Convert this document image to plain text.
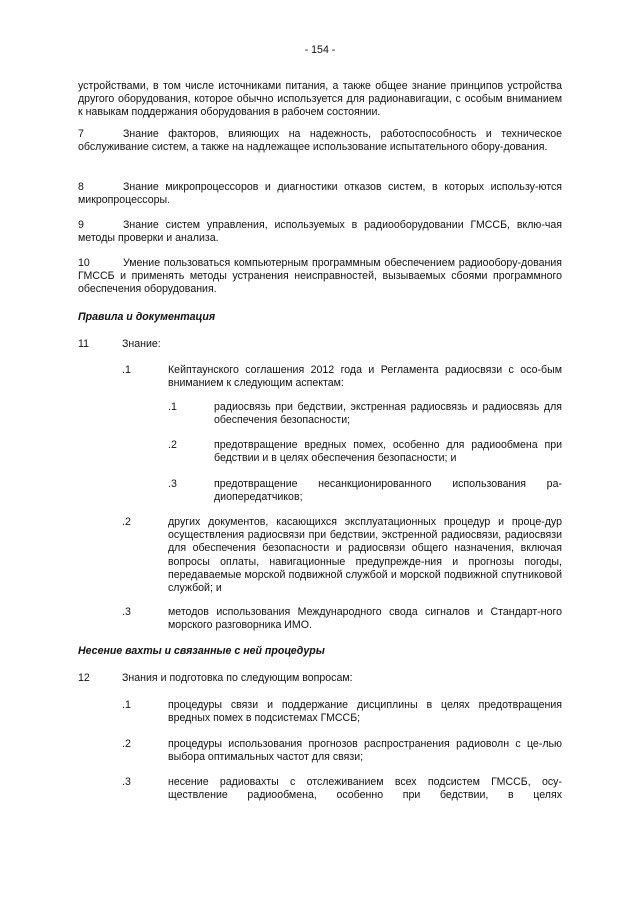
- 154 -
устройствами, в том числе источниками питания, а также общее знание принципов устройства другого оборудования, которое обычно используется для радионавигации, с особым вниманием к навыкам поддержания оборудования в рабочем состоянии.
7	Знание факторов, влияющих на надежность, работоспособность и техническое обслуживание систем, а также на надлежащее использование испытательного обору-дования.
8	Знание микропроцессоров и диагностики отказов систем, в которых использу-ются микропроцессоры.
9	Знание систем управления, используемых в радиооборудовании ГМССБ, вклю-чая методы проверки и анализа.
10	Умение пользоваться компьютерным программным обеспечением радиообору-дования ГМССБ и применять методы устранения неисправностей, вызываемых сбоями программного обеспечения оборудования.
Правила и документация
11	Знание:
.1	Кейптаунского соглашения 2012 года и Регламента радиосвязи с осо-бым вниманием к следующим аспектам:
.1	радиосвязь при бедствии, экстренная радиосвязь и радиосвязь для обеспечения безопасности;
.2	предотвращение вредных помех, особенно для радиообмена при бедствии и в целях обеспечения безопасности; и
.3	предотвращение несанкционированного использования ра-диопередатчиков;
.2	других документов, касающихся эксплуатационных процедур и проце-дур осуществления радиосвязи при бедствии, экстренной радиосвязи, радиосвязи для обеспечения безопасности и радиосвязи общего назначения, включая вопросы оплаты, навигационные предупрежде-ния и прогнозы погоды, передаваемые морской подвижной службой и морской подвижной спутниковой службой; и
.3	методов использования Международного свода сигналов и Стандарт-ного морского разговорника ИМО.
Несение вахты и связанные с ней процедуры
12	Знания и подготовка по следующим вопросам:
.1	процедуры связи и поддержание дисциплины в целях предотвращения вредных помех в подсистемах ГМССБ;
.2	процедуры использования прогнозов распространения радиоволн с це-лью выбора оптимальных частот для связи;
.3	несение радиовахты с отслеживанием всех подсистем ГМССБ, осу-ществление радиообмена, особенно при бедствии, в целях
